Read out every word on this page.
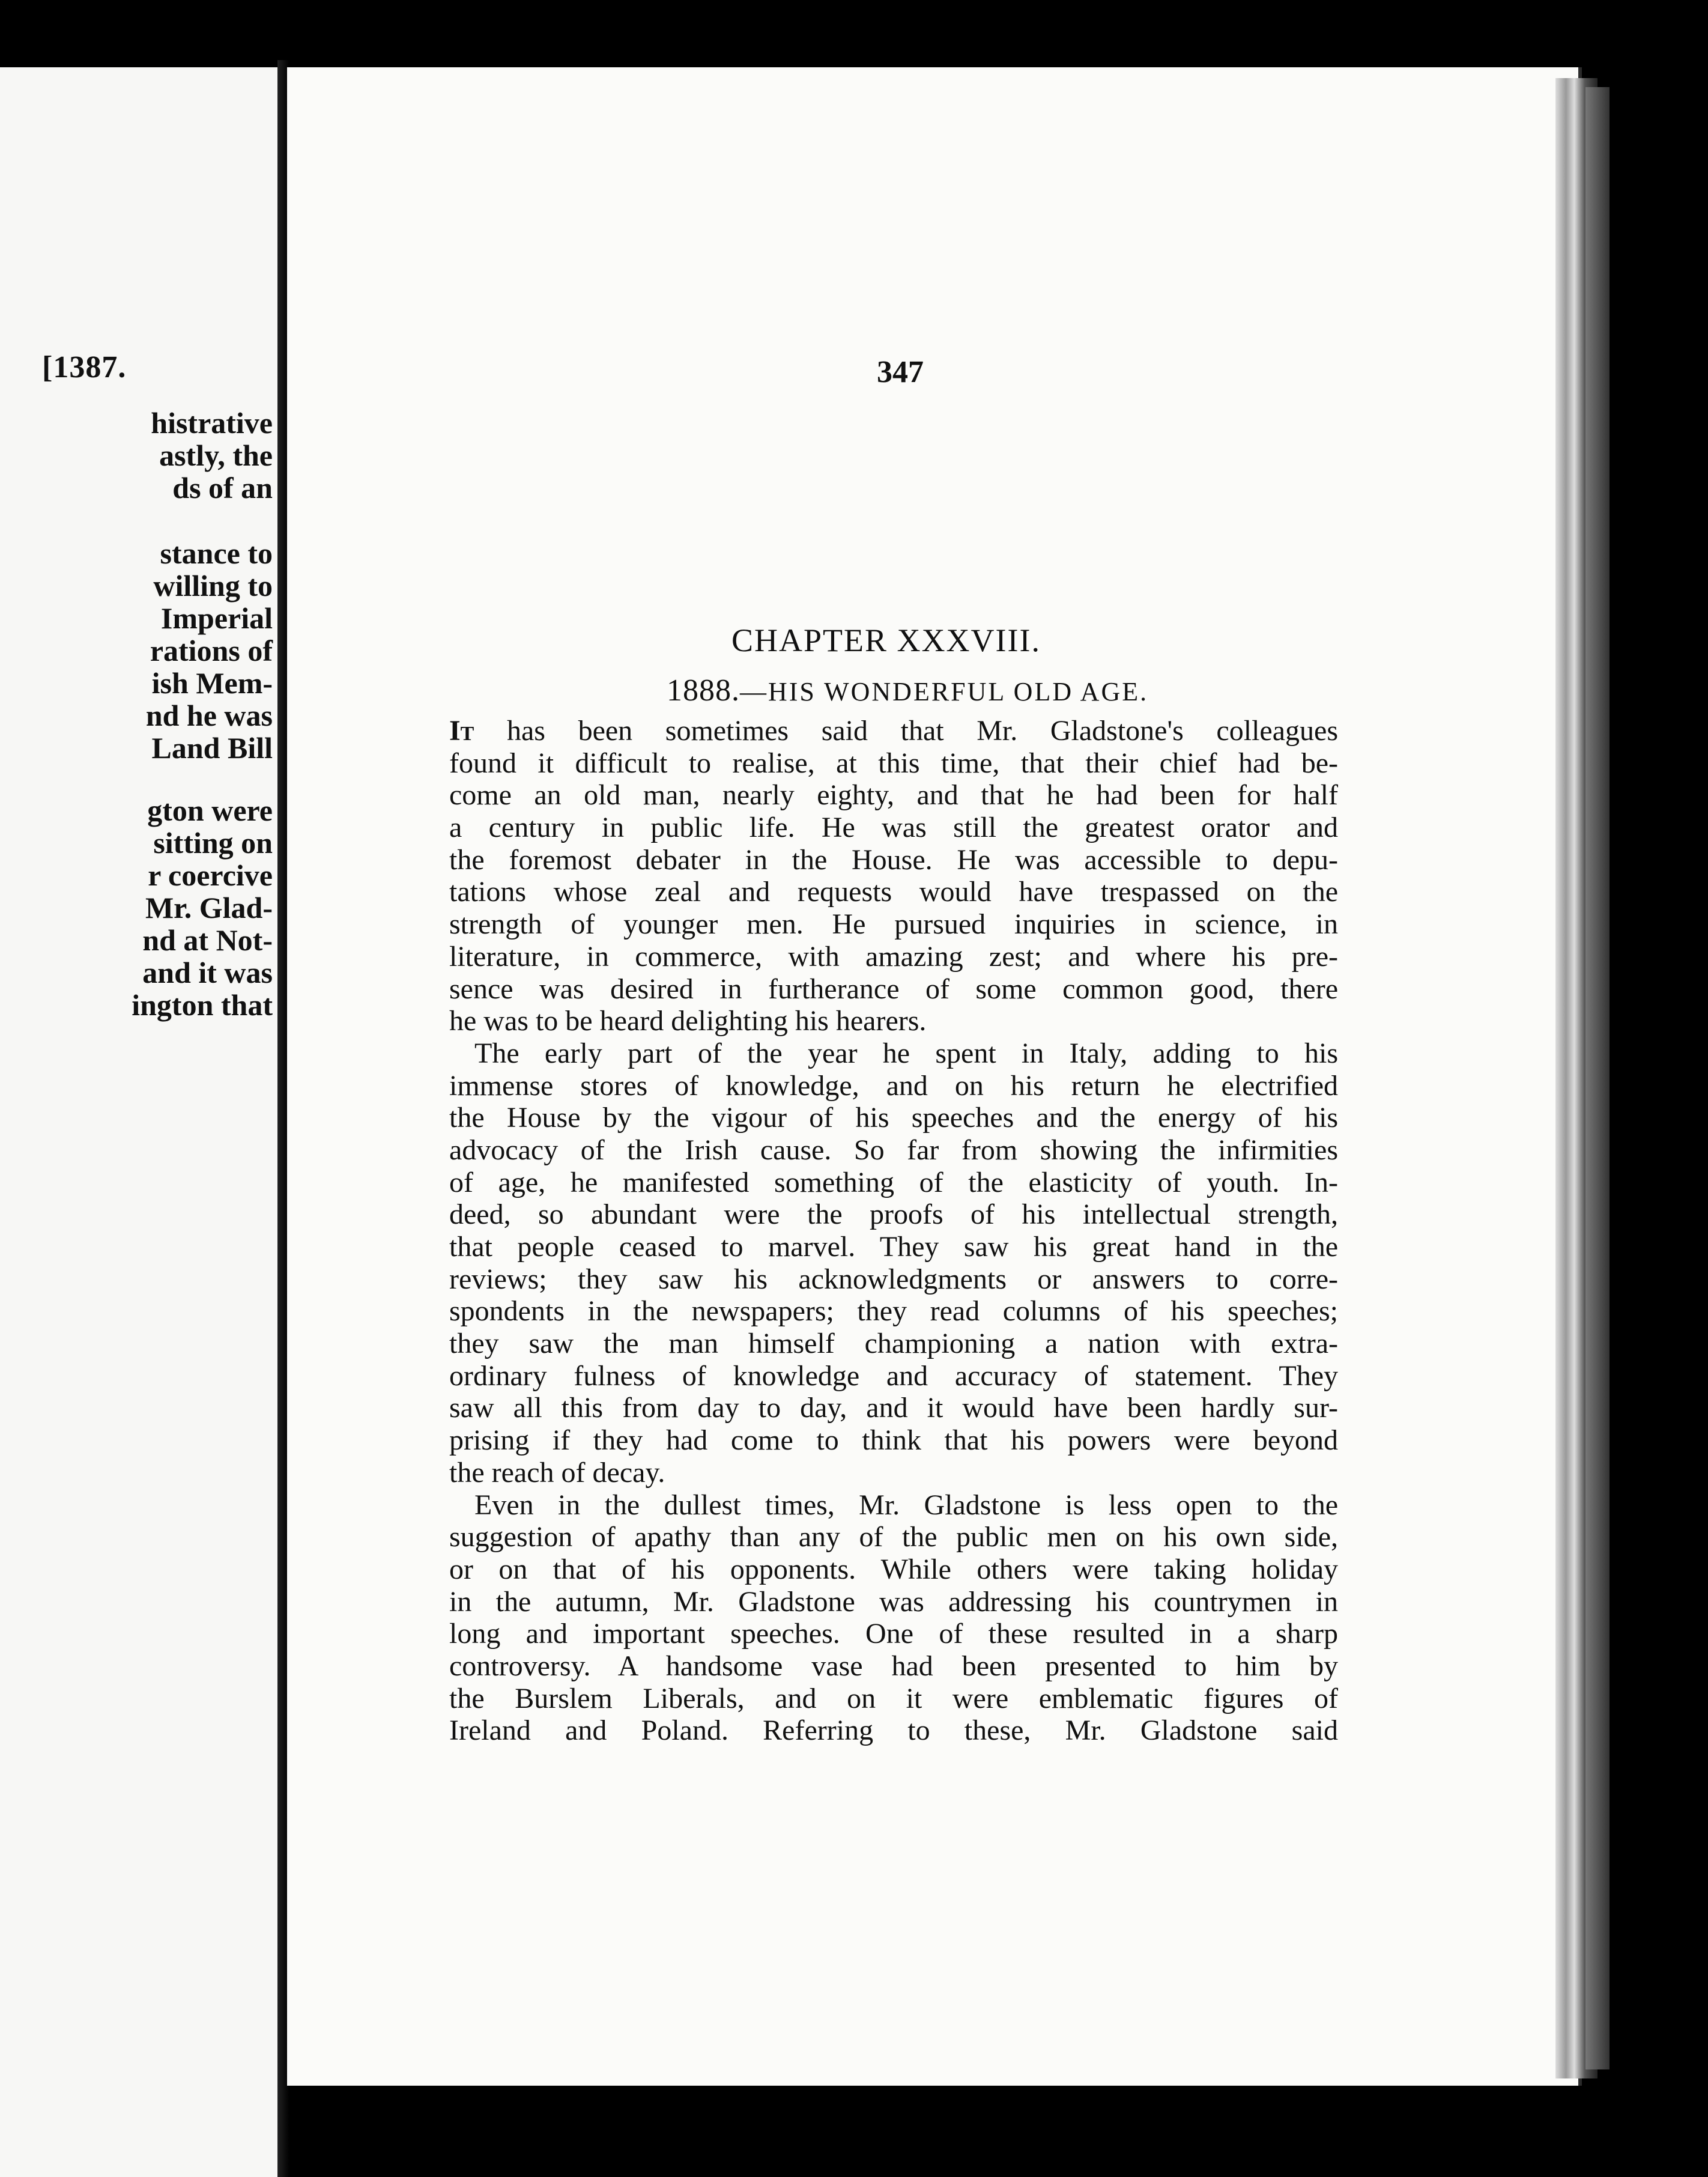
[1387.
histrative
astly, the
ds of an
stance to
willing to
Imperial
rations of
ish Mem-
nd he was
Land Bill
gton were
sitting on
r coercive
Mr. Glad-
nd at Not-
and it was
ington that
347
CHAPTER XXXVIII.
1888.—HIS WONDERFUL OLD AGE.
It has been sometimes said that Mr. Gladstone's colleagues
found it difficult to realise, at this time, that their chief had be-
come an old man, nearly eighty, and that he had been for half
a century in public life. He was still the greatest orator and
the foremost debater in the House. He was accessible to depu-
tations whose zeal and requests would have trespassed on the
strength of younger men. He pursued inquiries in science, in
literature, in commerce, with amazing zest; and where his pre-
sence was desired in furtherance of some common good, there
he was to be heard delighting his hearers.
The early part of the year he spent in Italy, adding to his
immense stores of knowledge, and on his return he electrified
the House by the vigour of his speeches and the energy of his
advocacy of the Irish cause. So far from showing the infirmities
of age, he manifested something of the elasticity of youth. In-
deed, so abundant were the proofs of his intellectual strength,
that people ceased to marvel. They saw his great hand in the
reviews; they saw his acknowledgments or answers to corre-
spondents in the newspapers; they read columns of his speeches;
they saw the man himself championing a nation with extra-
ordinary fulness of knowledge and accuracy of statement. They
saw all this from day to day, and it would have been hardly sur-
prising if they had come to think that his powers were beyond
the reach of decay.
Even in the dullest times, Mr. Gladstone is less open to the
suggestion of apathy than any of the public men on his own side,
or on that of his opponents. While others were taking holiday
in the autumn, Mr. Gladstone was addressing his countrymen in
long and important speeches. One of these resulted in a sharp
controversy. A handsome vase had been presented to him by
the Burslem Liberals, and on it were emblematic figures of
Ireland and Poland. Referring to these, Mr. Gladstone said
